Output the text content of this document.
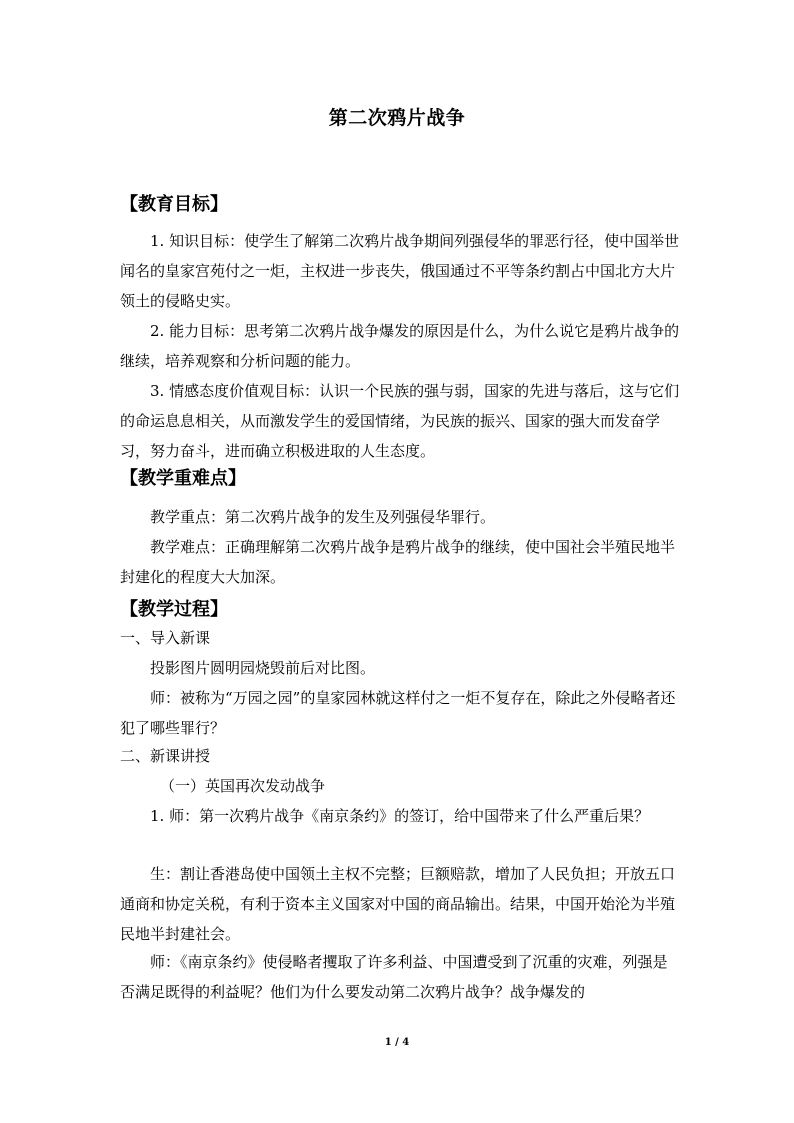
第二次鸦片战争
【教育目标】
1. 知识目标：使学生了解第二次鸦片战争期间列强侵华的罪恶行径，使中国举世闻名的皇家宫苑付之一炬，主权进一步丧失，俄国通过不平等条约割占中国北方大片领土的侵略史实。
2. 能力目标：思考第二次鸦片战争爆发的原因是什么，为什么说它是鸦片战争的继续，培养观察和分析问题的能力。
3. 情感态度价值观目标：认识一个民族的强与弱，国家的先进与落后，这与它们的命运息息相关，从而激发学生的爱国情绪，为民族的振兴、国家的强大而发奋学习，努力奋斗，进而确立积极进取的人生态度。
【教学重难点】
教学重点：第二次鸦片战争的发生及列强侵华罪行。
教学难点：正确理解第二次鸦片战争是鸦片战争的继续，使中国社会半殖民地半封建化的程度大大加深。
【教学过程】
一、导入新课
投影图片圆明园烧毁前后对比图。
师：被称为“万园之园”的皇家园林就这样付之一炬不复存在，除此之外侵略者还犯了哪些罪行？
二、新课讲授
（一）英国再次发动战争
1. 师：第一次鸦片战争《南京条约》的签订，给中国带来了什么严重后果？
生：割让香港岛使中国领土主权不完整；巨额赔款，增加了人民负担；开放五口通商和协定关税，有利于资本主义国家对中国的商品输出。结果，中国开始沦为半殖民地半封建社会。
师：《南京条约》使侵略者攫取了许多利益、中国遭受到了沉重的灾难，列强是否满足既得的利益呢？他们为什么要发动第二次鸦片战争？战争爆发的
1 / 4
